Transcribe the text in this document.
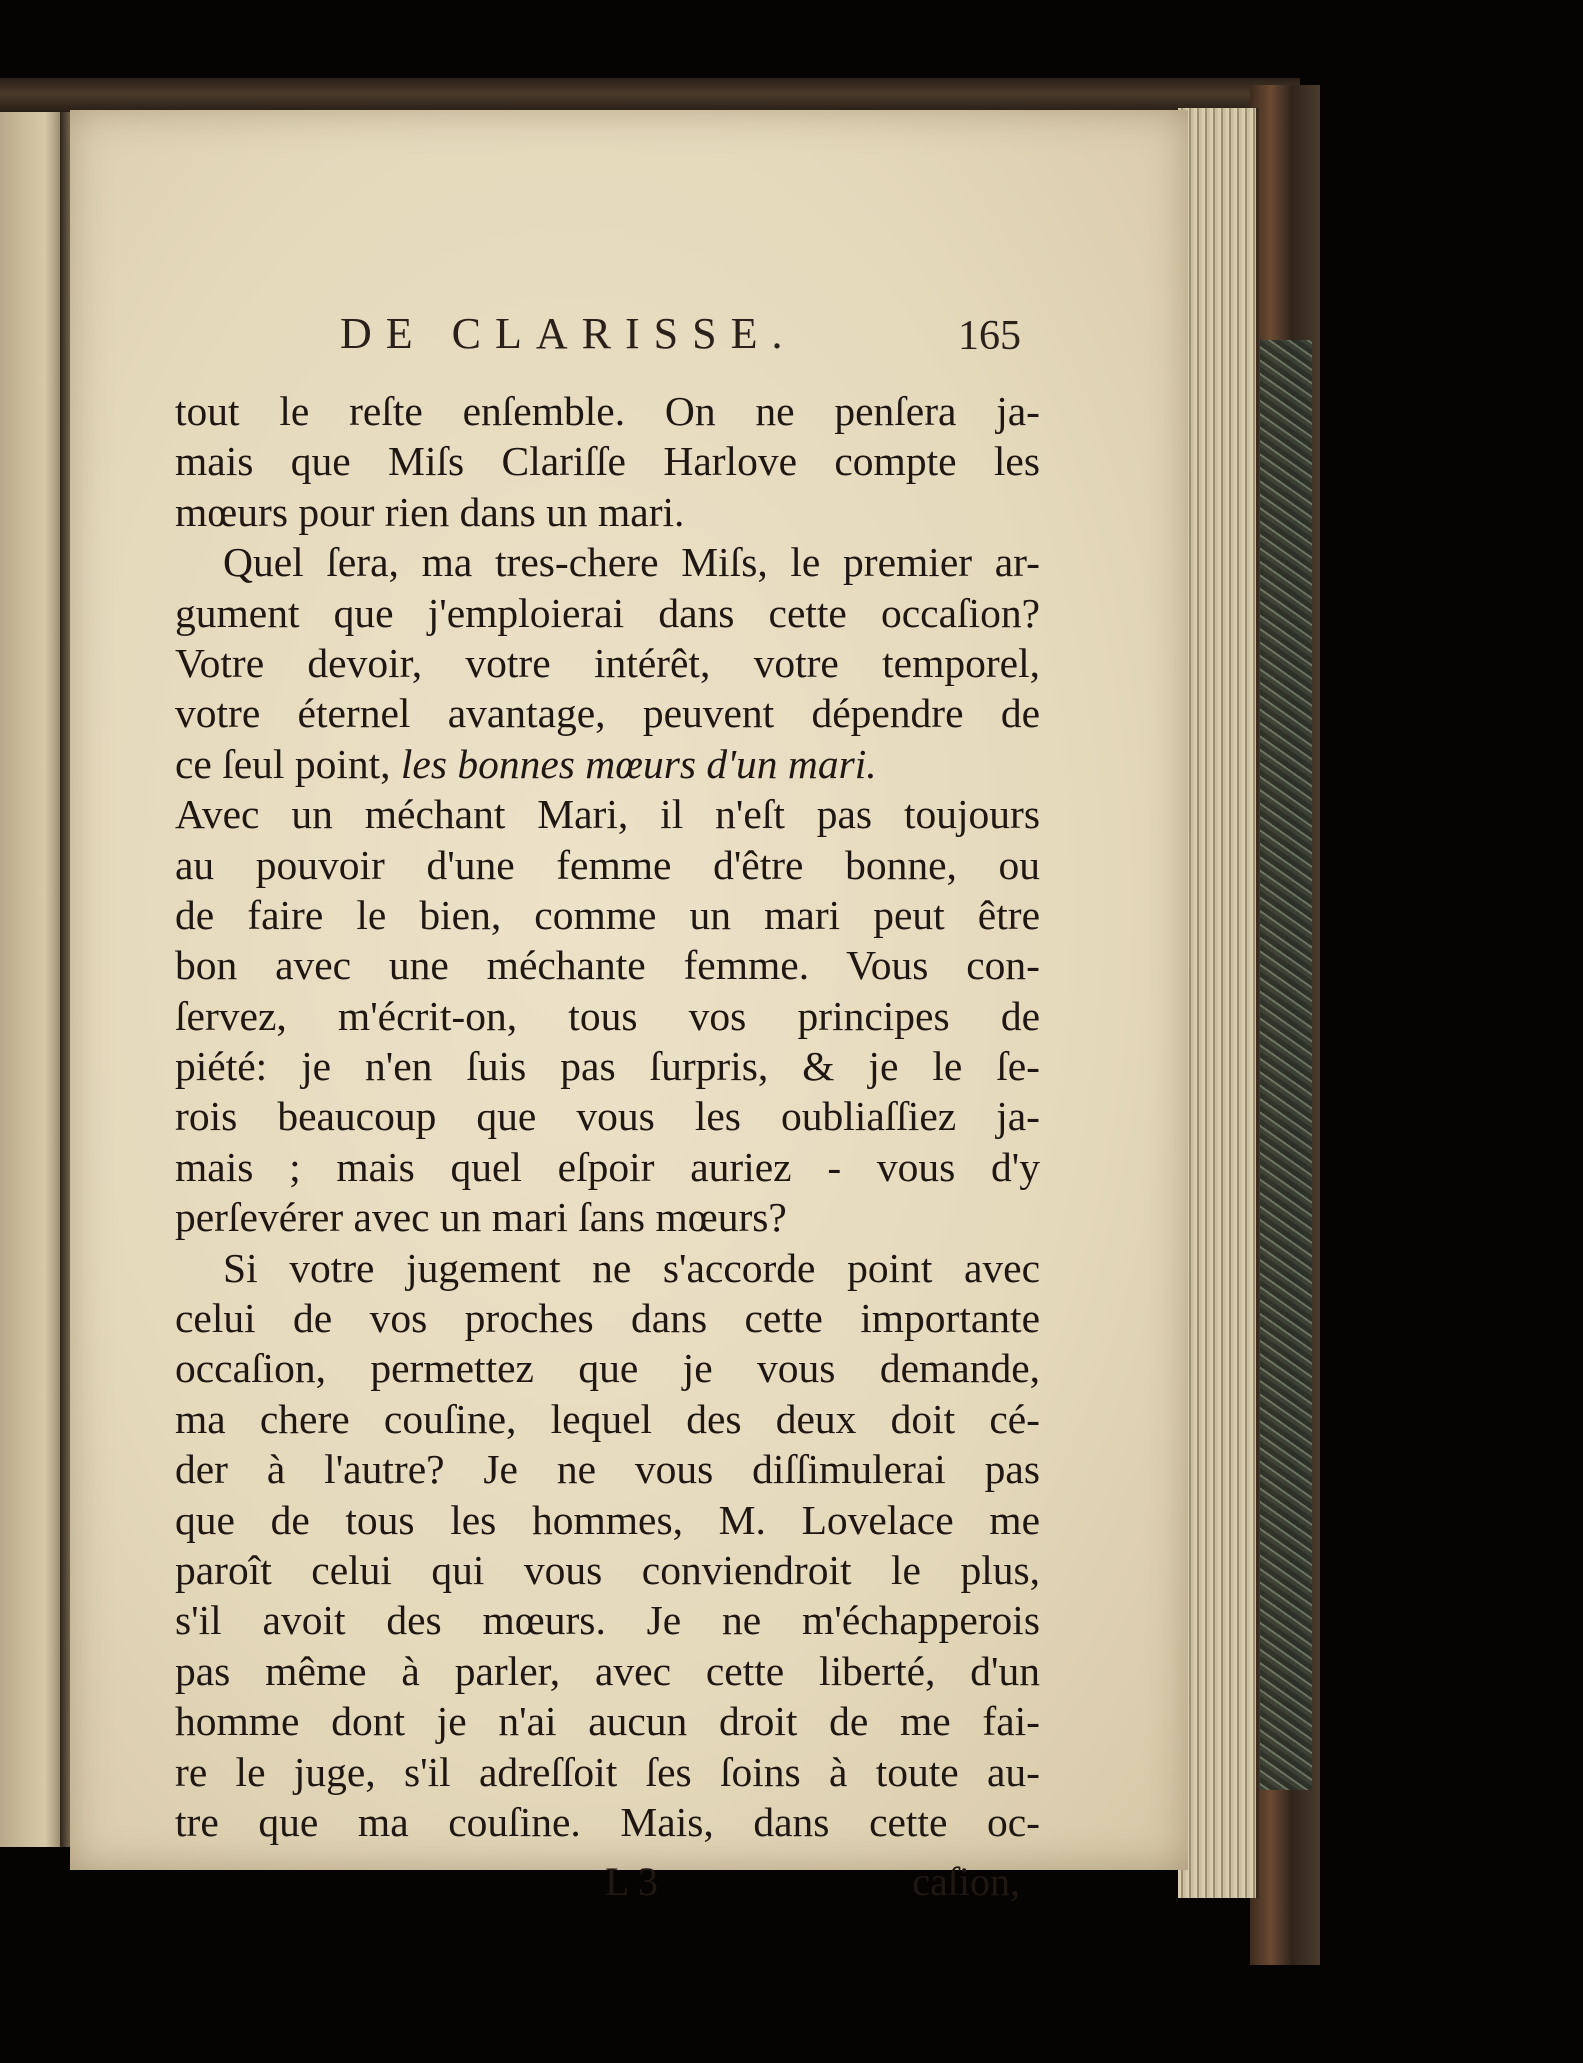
DE CLARISSE.	165
tout le reſte enſemble. On ne penſera ja-
mais que Miſs Clariſſe Harlove compte les
mœurs pour rien dans un mari.
Quel ſera, ma tres-chere Miſs, le premier ar-
gument que j'emploierai dans cette occaſion?
Votre devoir, votre intérêt, votre temporel,
votre éternel avantage, peuvent dépendre de
ce ſeul point, les bonnes mœurs d'un mari.
Avec un méchant Mari, il n'eſt pas toujours
au pouvoir d'une femme d'être bonne, ou
de faire le bien, comme un mari peut être
bon avec une méchante femme. Vous con-
ſervez, m'écrit-on, tous vos principes de
piété: je n'en ſuis pas ſurpris, & je le ſe-
rois beaucoup que vous les oubliaſſiez ja-
mais ; mais quel eſpoir auriez - vous d'y
perſevérer avec un mari ſans mœurs?
Si votre jugement ne s'accorde point avec
celui de vos proches dans cette importante
occaſion, permettez que je vous demande,
ma chere couſine, lequel des deux doit cé-
der à l'autre? Je ne vous diſſimulerai pas
que de tous les hommes, M. Lovelace me
paroît celui qui vous conviendroit le plus,
s'il avoit des mœurs. Je ne m'échapperois
pas même à parler, avec cette liberté, d'un
homme dont je n'ai aucun droit de me fai-
re le juge, s'il adreſſoit ſes ſoins à toute au-
tre que ma couſine. Mais, dans cette oc-
L 3	caſion,
